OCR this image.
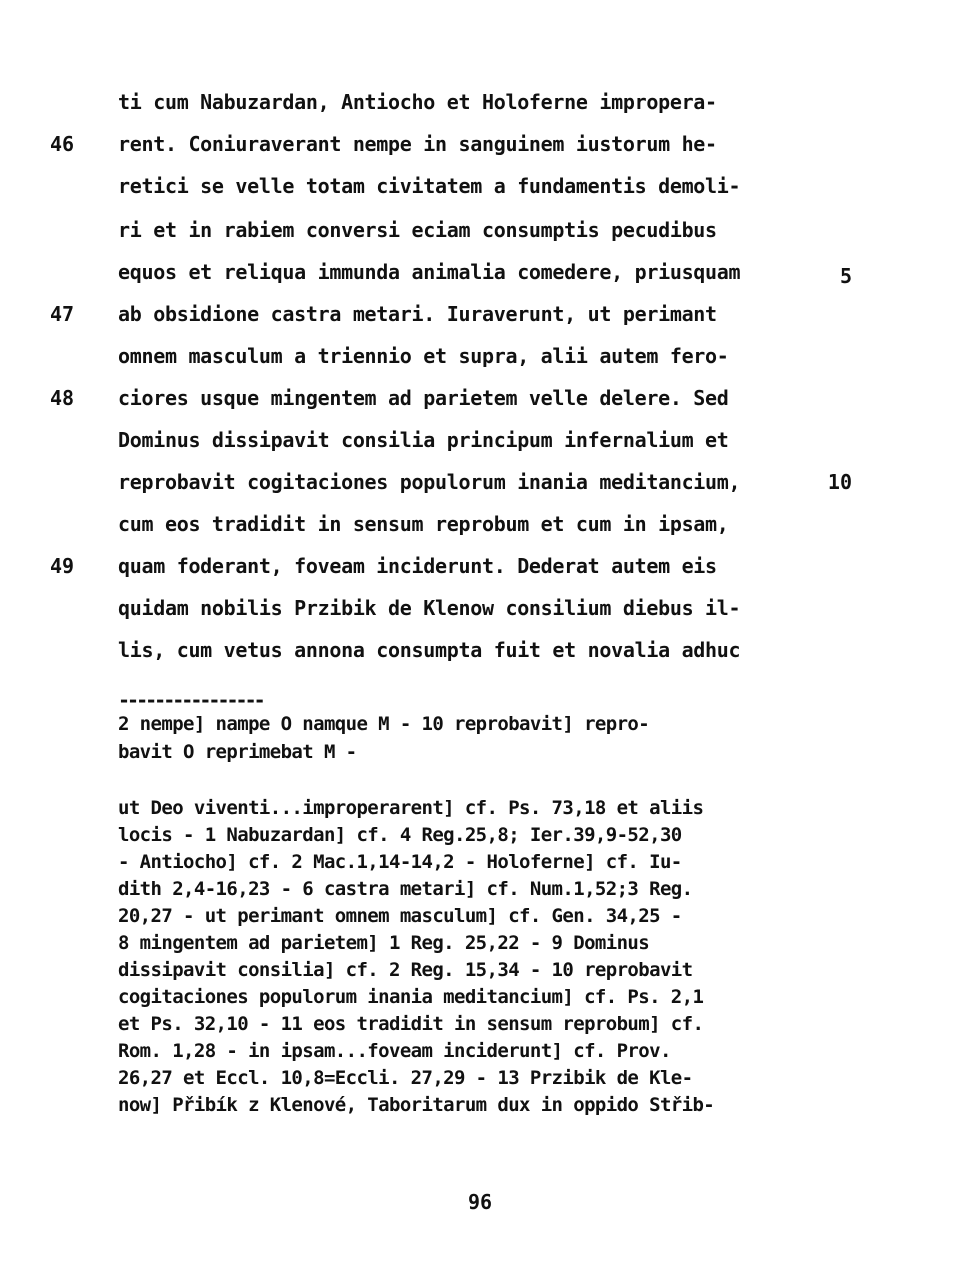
46
47
48
49
5
10
ti cum Nabuzardan, Antiocho et Holoferne impropera-
rent. Coniuraverant nempe in sanguinem iustorum he-
retici se velle totam civitatem a fundamentis demoli-
ri et in rabiem conversi eciam consumptis pecudibus
equos et reliqua immunda animalia comedere, priusquam
ab obsidione castra metari. Iuraverunt, ut perimant
omnem masculum a triennio et supra, alii autem fero-
ciores usque mingentem ad parietem velle delere. Sed
Dominus dissipavit consilia principum infernalium et
reprobavit cogitaciones populorum inania meditancium,
cum eos tradidit in sensum reprobum et cum in ipsam,
quam foderant, foveam inciderunt. Dederat autem eis
quidam nobilis Przibik de Klenow consilium diebus il-
lis, cum vetus annona consumpta fuit et novalia adhuc
----------------
2 nempe] nampe O namque M - 10 reprobavit] repro-
bavit O reprimebat M -
ut Deo viventi...improperarent] cf. Ps. 73,18 et aliis
locis - 1 Nabuzardan] cf. 4 Reg.25,8; Ier.39,9-52,30
- Antiocho] cf. 2 Mac.1,14-14,2 - Holoferne] cf. Iu-
dith 2,4-16,23 - 6 castra metari] cf. Num.1,52;3 Reg.
20,27 - ut perimant omnem masculum] cf. Gen. 34,25 -
8 mingentem ad parietem] 1 Reg. 25,22 - 9 Dominus
dissipavit consilia] cf. 2 Reg. 15,34 - 10 reprobavit
cogitaciones populorum inania meditancium] cf. Ps. 2,1
et Ps. 32,10 - 11 eos tradidit in sensum reprobum] cf.
Rom. 1,28 - in ipsam...foveam inciderunt] cf. Prov.
26,27 et Eccl. 10,8=Eccli. 27,29 - 13 Przibik de Kle-
now] Přibík z Klenové, Taboritarum dux in oppido Střib-
96
